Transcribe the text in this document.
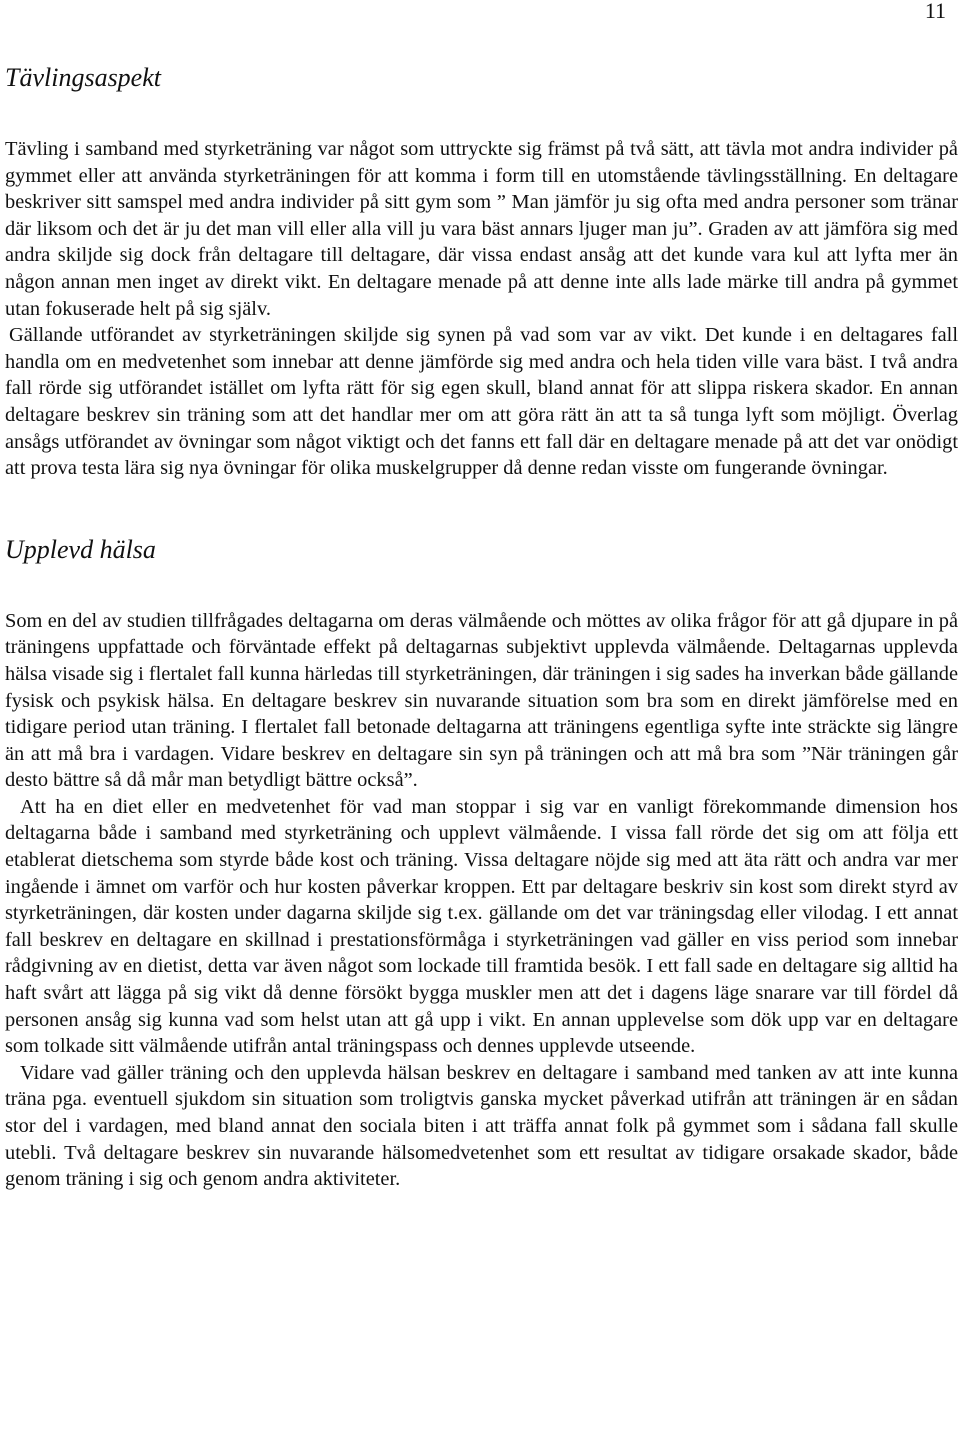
11
Tävlingsaspekt

Tävling i samband med styrketräning var något som uttryckte sig främst på två sätt, att tävla mot andra individer på gymmet eller att använda styrketräningen för att komma i form till en utomstående tävlingsställning. En deltagare beskriver sitt samspel med andra individer på sitt gym som ” Man jämför ju sig ofta med andra personer som tränar där liksom och det är ju det man vill eller alla vill ju vara bäst annars ljuger man ju”. Graden av att jämföra sig med andra skiljde sig dock från deltagare till deltagare, där vissa endast ansåg att det kunde vara kul att lyfta mer än någon annan men inget av direkt vikt. En deltagare menade på att denne inte alls lade märke till andra på gymmet utan fokuserade helt på sig själv.

Gällande utförandet av styrketräningen skiljde sig synen på vad som var av vikt. Det kunde i en deltagares fall handla om en medvetenhet som innebar att denne jämförde sig med andra och hela tiden ville vara bäst. I två andra fall rörde sig utförandet istället om lyfta rätt för sig egen skull, bland annat för att slippa riskera skador. En annan deltagare beskrev sin träning som att det handlar mer om att göra rätt än att ta så tunga lyft som möjligt. Överlag ansågs utförandet av övningar som något viktigt och det fanns ett fall där en deltagare menade på att det var onödigt att prova testa lära sig nya övningar för olika muskelgrupper då denne redan visste om fungerande övningar.

Upplevd hälsa

Som en del av studien tillfrågades deltagarna om deras välmående och möttes av olika frågor för att gå djupare in på träningens uppfattade och förväntade effekt på deltagarnas subjektivt upplevda välmående. Deltagarnas upplevda hälsa visade sig i flertalet fall kunna härledas till styrketräningen, där träningen i sig sades ha inverkan både gällande fysisk och psykisk hälsa. En deltagare beskrev sin nuvarande situation som bra som en direkt jämförelse med en tidigare period utan träning. I flertalet fall betonade deltagarna att träningens egentliga syfte inte sträckte sig längre än att må bra i vardagen. Vidare beskrev en deltagare sin syn på träningen och att må bra som ”När träningen går desto bättre så då mår man betydligt bättre också”.

Att ha en diet eller en medvetenhet för vad man stoppar i sig var en vanligt förekommande dimension hos deltagarna både i samband med styrketräning och upplevt välmående. I vissa fall rörde det sig om att följa ett etablerat dietschema som styrde både kost och träning. Vissa deltagare nöjde sig med att äta rätt och andra var mer ingående i ämnet om varför och hur kosten påverkar kroppen. Ett par deltagare beskriv sin kost som direkt styrd av styrketräningen, där kosten under dagarna skiljde sig t.ex. gällande om det var träningsdag eller vilodag. I ett annat fall beskrev en deltagare en skillnad i prestationsförmåga i styrketräningen vad gäller en viss period som innebar rådgivning av en dietist, detta var även något som lockade till framtida besök. I ett fall sade en deltagare sig alltid ha haft svårt att lägga på sig vikt då denne försökt bygga muskler men att det i dagens läge snarare var till fördel då personen ansåg sig kunna vad som helst utan att gå upp i vikt. En annan upplevelse som dök upp var en deltagare som tolkade sitt välmående utifrån antal träningspass och dennes upplevde utseende.

Vidare vad gäller träning och den upplevda hälsan beskrev en deltagare i samband med tanken av att inte kunna träna pga. eventuell sjukdom sin situation som troligtvis ganska mycket påverkad utifrån att träningen är en sådan stor del i vardagen, med bland annat den sociala biten i att träffa annat folk på gymmet som i sådana fall skulle utebli. Två deltagare beskrev sin nuvarande hälsomedvetenhet som ett resultat av tidigare orsakade skador, både genom träning i sig och genom andra aktiviteter.
